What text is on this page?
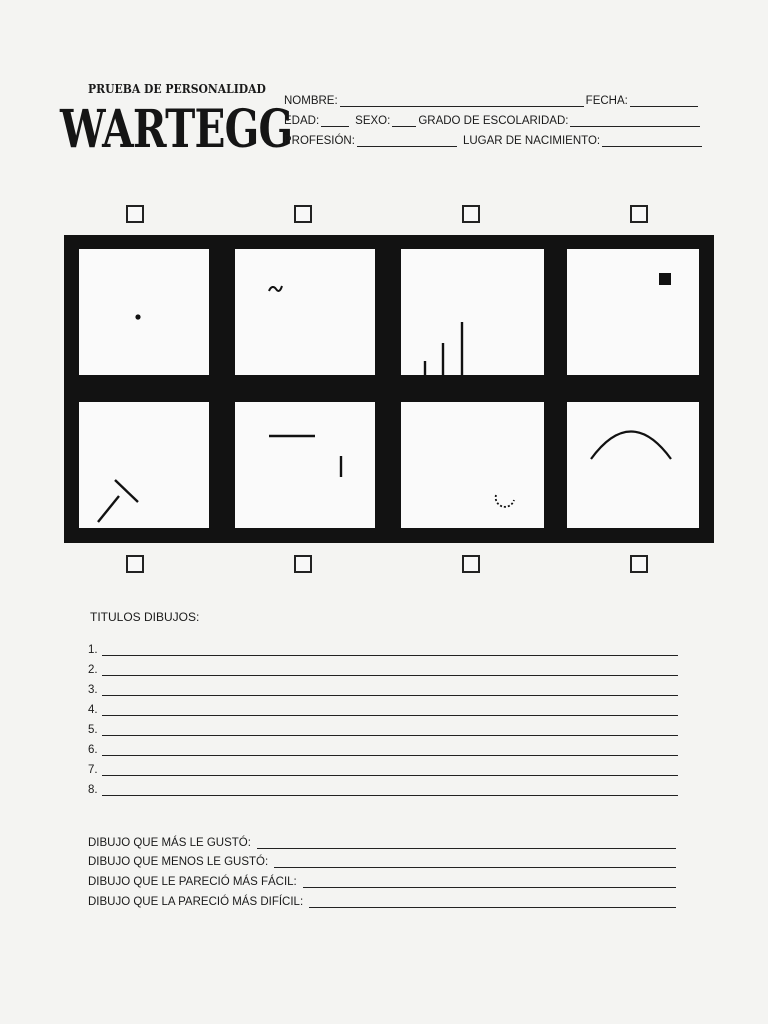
PRUEBA DE PERSONALIDAD
WARTEGG
NOMBRE:	FECHA:
EDAD:	SEXO: GRADO DE ESCOLARIDAD:
PROFESIÓN:	LUGAR DE NACIMIENTO:
TITULOS DIBUJOS:
1.
2.
3.
4.
5.
6.
7.
8.
DIBUJO QUE MÁS LE GUSTÓ:
DIBUJO QUE MENOS LE GUSTÓ:
DIBUJO QUE LE PARECIÓ MÁS FÁCIL:
DIBUJO QUE LA PARECIÓ MÁS DIFÍCIL:
